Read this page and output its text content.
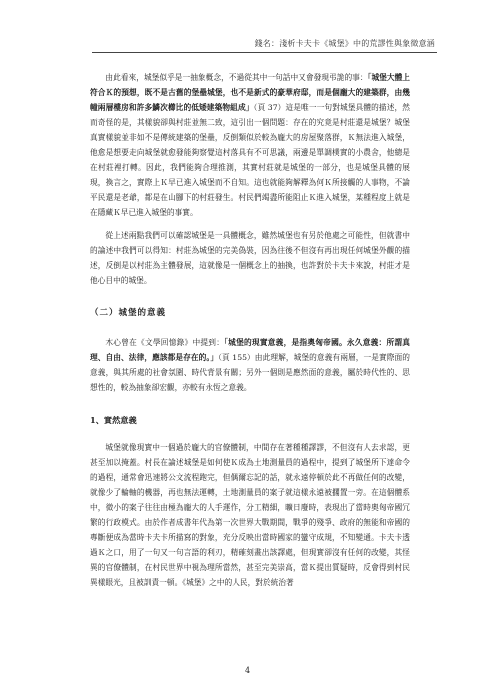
錢名：淺析卡夫卡《城堡》中的荒謬性與象徵意涵

由此看來，城堡似乎是一抽象概念，不過從其中一句話中又會發現弔詭的事：「城堡大體上符合Ｋ的預想，既不是古舊的堡壘城堡，也不是新式的豪華府邸，而是個龐大的建築群，由幾幢兩層樓房和許多鱗次櫛比的低矮建築物組成」（頁 37）這是唯一一句對城堡具體的描述，然而奇怪的是，其樣貌卻與村莊並無二致，這引出一個問題：存在的究竟是村莊還是城堡？城堡真實樣貌並非如不是傳統建築的堡壘，反倒類似於較為龐大的房屋聚落群，Ｋ無法進入城堡，他愈是想要走向城堡就愈發能夠察覺這村落具有不可思議，兩邊是單調樸實的小農舍，他總是在村莊裡打轉。因此，我們能夠合理推測，其實村莊就是城堡的一部分，也是城堡具體的展現，換言之，實際上Ｋ早已進入城堡而不自知。這也就能夠解釋為何Ｋ所接觸的人事物，不論平民還是老爺，都是在山腳下的村莊發生。村民們竭盡所能阻止Ｋ進入城堡，某種程度上就是在隱藏Ｋ早已進入城堡的事實。

從上述兩點我們可以確認城堡是一具體概念，雖然城堡也有另於他處之可能性，但就書中的論述中我們可以得知：村莊為城堡的完美偽裝，因為往後不但沒有再出現任何城堡外觀的描述，反倒是以村莊為主體發展，這就像是一個概念上的抽換，也許對於卡夫卡來說，村莊才是他心目中的城堡。

（二）城堡的意義

木心曾在《文學回憶錄》中提到：「城堡的現實意義，是指奧匈帝國。永久意義：所謂真理、自由、法律，應該都是存在的。」（頁 155）由此理解，城堡的意義有兩層，一是實際面的意義，與其所處的社會氛圍、時代背景有關；另外一個則是應然面的意義，屬於時代性的、思想性的，較為抽象卻宏觀，亦較有永恆之意義。

1、實然意義

城堡就像現實中一個過於龐大的官僚體制，中間存在著種種譯謬，不但沒有人去求認，更甚至加以掩蓋。村長在論述城堡是如何使Ｋ成為土地測量員的過程中，提到了城堡所下達命令的過程，通常會迅速將公文流程跑完，但偶爾忘記的話，就永遠停頓於此不再做任何的改變，就像少了輪軸的機器，再也無法運轉，土地測量員的案子就這樣永遠被擱置一旁。在這個體系中，微小的案子往往由極為龐大的人手運作，分工精細，曠日廢時，表現出了當時奧匈帝國冗繁的行政模式。由於作者成書年代為第一次世界大戰期間，戰爭的殘爭、政府的無能和帝國的專斷便成為當時卡夫卡所描寫的對象，充分反映出當時國家的蠻守成規，不知變通。卡夫卡透過Ｋ之口，用了一句又一句言語的利刃，精確刻畫出該譯處，但現實卻沒有任何的改變，其怪異的官僚體制，在村民世界中視為理所當然，甚至完美崇高，當Ｋ提出質疑時，反會得到村民異樣眼光，且被訓責一頓。《城堡》之中的人民，對於統治著

4
